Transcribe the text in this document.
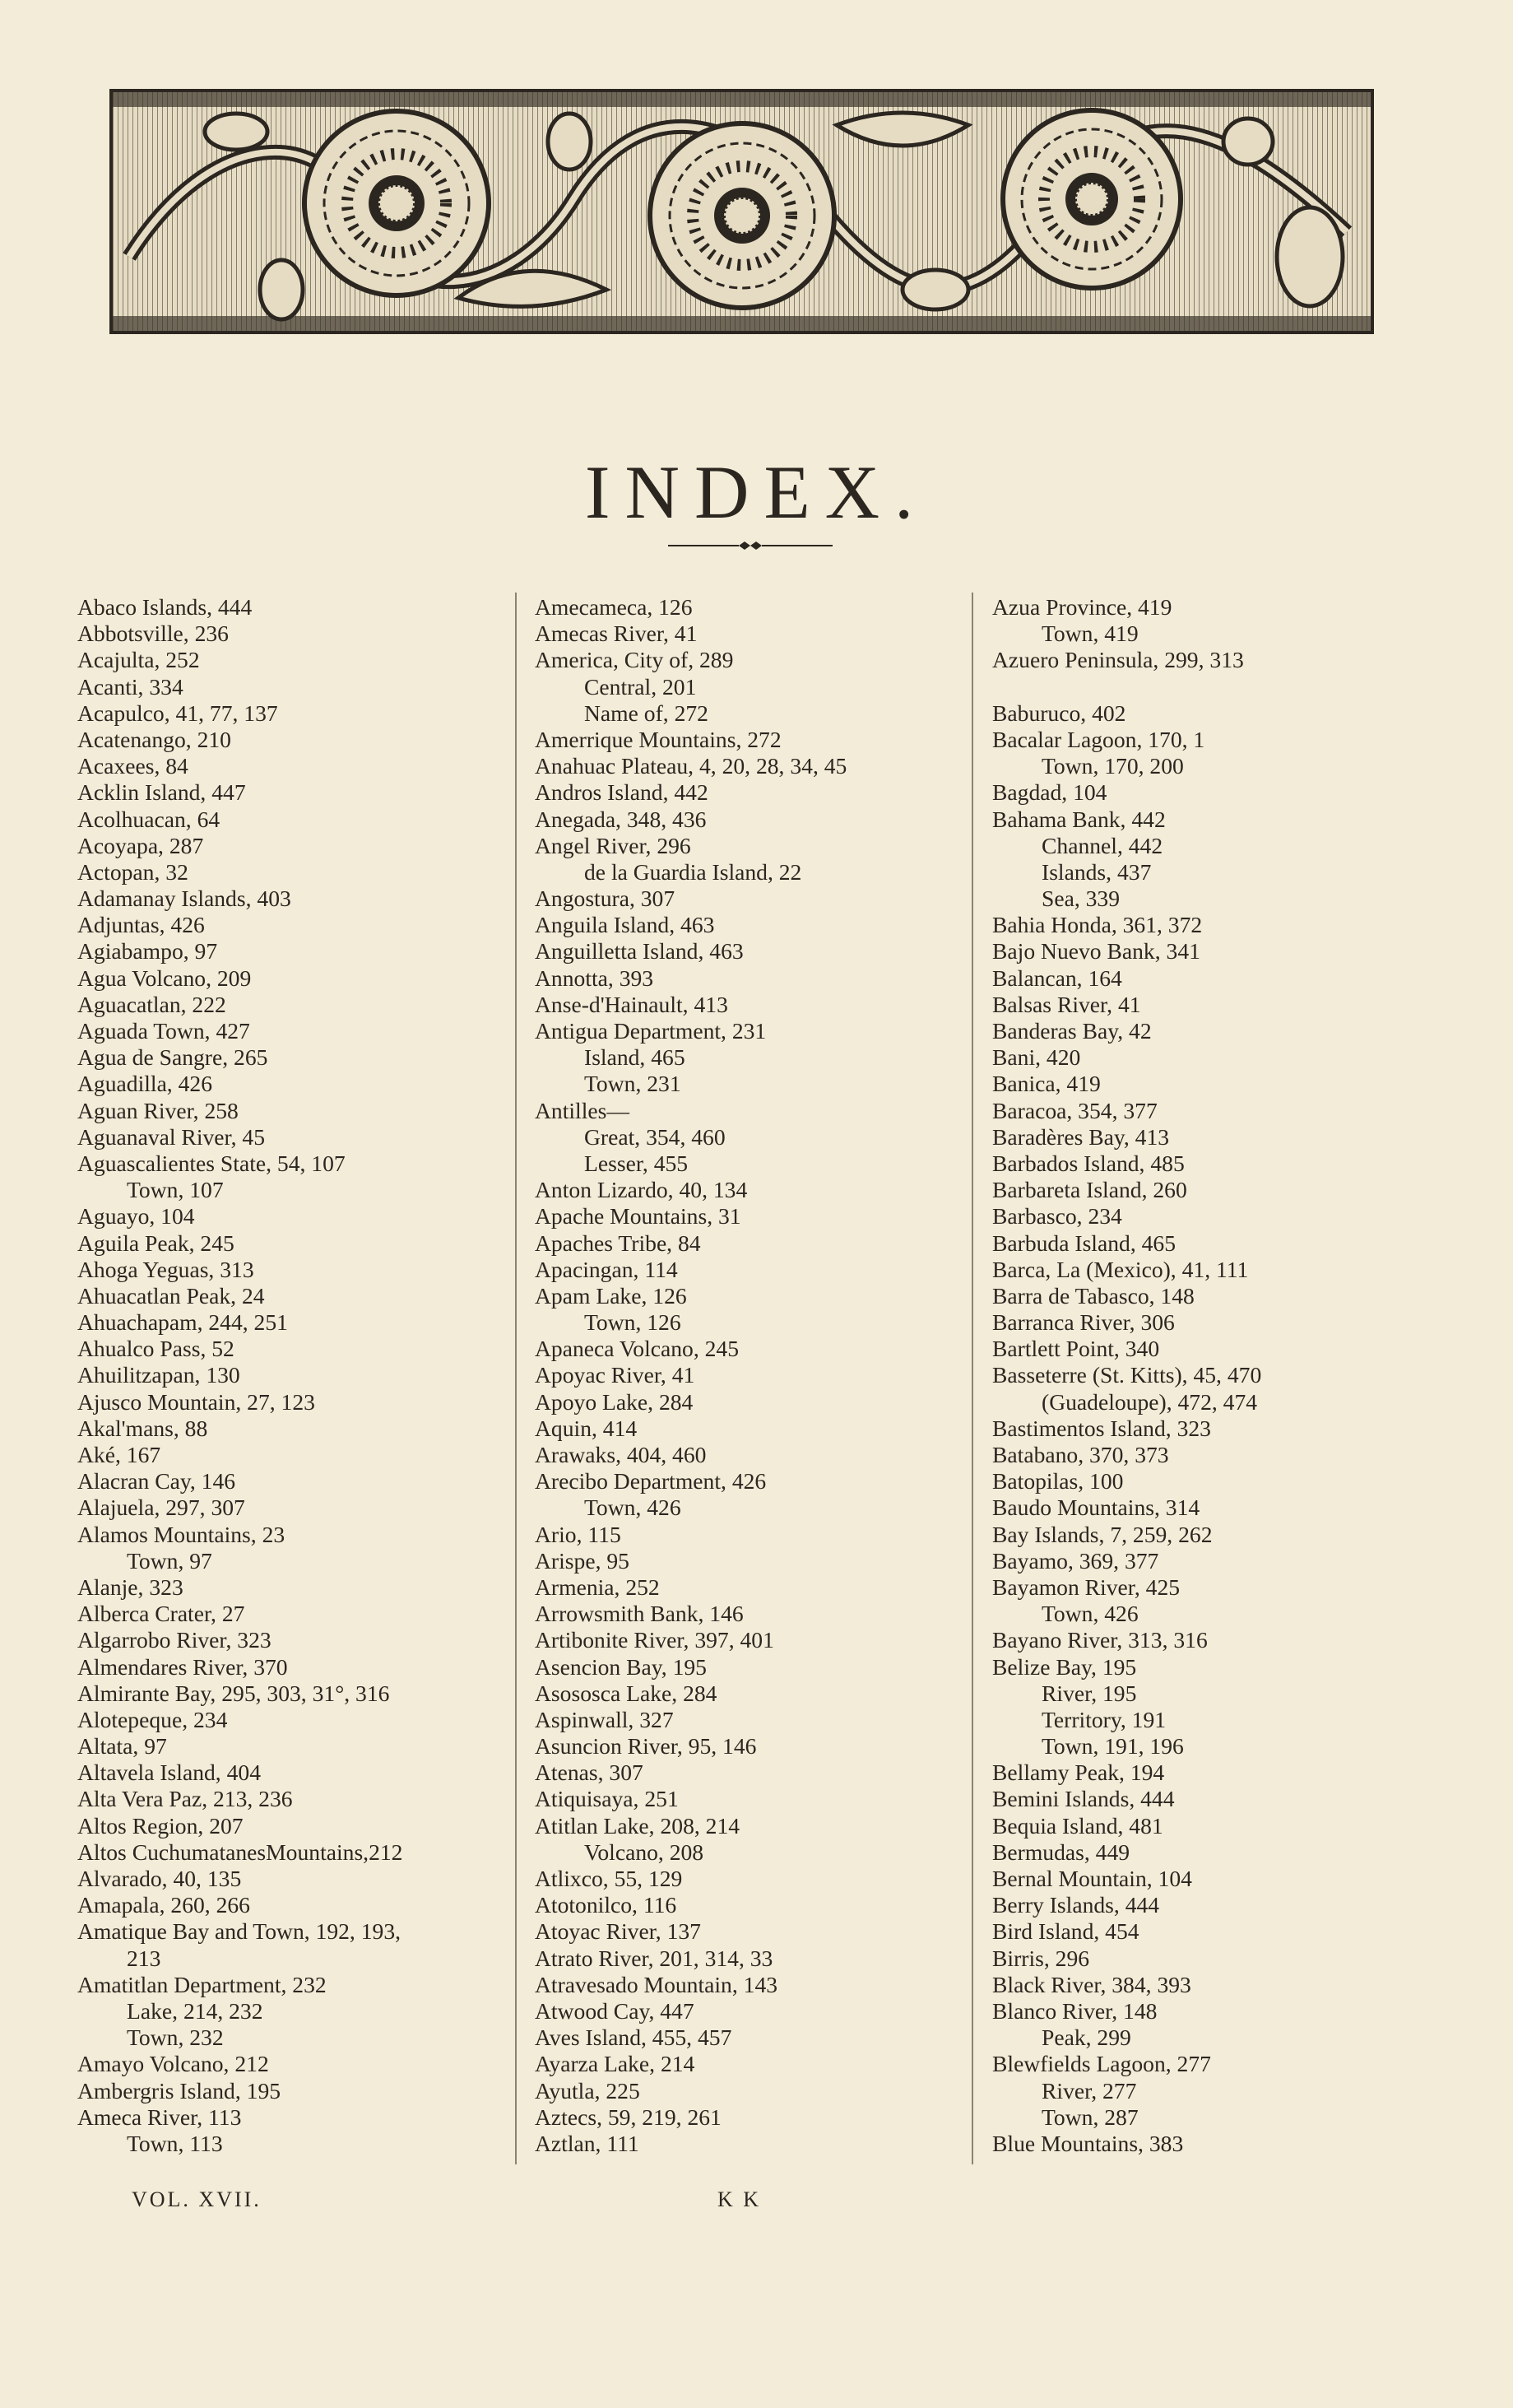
INDEX.
Abaco Islands, 444
Abbotsville, 236
Acajulta, 252
Acanti, 334
Acapulco, 41, 77, 137
Acatenango, 210
Acaxees, 84
Acklin Island, 447
Acolhuacan, 64
Acoyapa, 287
Actopan, 32
Adamanay Islands, 403
Adjuntas, 426
Agiabampo, 97
Agua Volcano, 209
Aguacatlan, 222
Aguada Town, 427
Agua de Sangre, 265
Aguadilla, 426
Aguan River, 258
Aguanaval River, 45
Aguascalientes State, 54, 107
Town, 107
Aguayo, 104
Aguila Peak, 245
Ahoga Yeguas, 313
Ahuacatlan Peak, 24
Ahuachapam, 244, 251
Ahualco Pass, 52
Ahuilitzapan, 130
Ajusco Mountain, 27, 123
Akal'mans, 88
Aké, 167
Alacran Cay, 146
Alajuela, 297, 307
Alamos Mountains, 23
Town, 97
Alanje, 323
Alberca Crater, 27
Algarrobo River, 323
Almendares River, 370
Almirante Bay, 295, 303, 31°, 316
Alotepeque, 234
Altata, 97
Altavela Island, 404
Alta Vera Paz, 213, 236
Altos Region, 207
Altos CuchumatanesMountains,212
Alvarado, 40, 135
Amapala, 260, 266
Amatique Bay and Town, 192, 193,
213
Amatitlan Department, 232
Lake, 214, 232
Town, 232
Amayo Volcano, 212
Ambergris Island, 195
Ameca River, 113
Town, 113
Amecameca, 126
Amecas River, 41
America, City of, 289
Central, 201
Name of, 272
Amerrique Mountains, 272
Anahuac Plateau, 4, 20, 28, 34, 45
Andros Island, 442
Anegada, 348, 436
Angel River, 296
de la Guardia Island, 22
Angostura, 307
Anguila Island, 463
Anguilletta Island, 463
Annotta, 393
Anse-d'Hainault, 413
Antigua Department, 231
Island, 465
Town, 231
Antilles—
Great, 354, 460
Lesser, 455
Anton Lizardo, 40, 134
Apache Mountains, 31
Apaches Tribe, 84
Apacingan, 114
Apam Lake, 126
Town, 126
Apaneca Volcano, 245
Apoyac River, 41
Apoyo Lake, 284
Aquin, 414
Arawaks, 404, 460
Arecibo Department, 426
Town, 426
Ario, 115
Arispe, 95
Armenia, 252
Arrowsmith Bank, 146
Artibonite River, 397, 401
Asencion Bay, 195
Asososca Lake, 284
Aspinwall, 327
Asuncion River, 95, 146
Atenas, 307
Atiquisaya, 251
Atitlan Lake, 208, 214
Volcano, 208
Atlixco, 55, 129
Atotonilco, 116
Atoyac River, 137
Atrato River, 201, 314, 33
Atravesado Mountain, 143
Atwood Cay, 447
Aves Island, 455, 457
Ayarza Lake, 214
Ayutla, 225
Aztecs, 59, 219, 261
Aztlan, 111
Azua Province, 419
Town, 419
Azuero Peninsula, 299, 313
Baburuco, 402
Bacalar Lagoon, 170, 1
Town, 170, 200
Bagdad, 104
Bahama Bank, 442
Channel, 442
Islands, 437
Sea, 339
Bahia Honda, 361, 372
Bajo Nuevo Bank, 341
Balancan, 164
Balsas River, 41
Banderas Bay, 42
Bani, 420
Banica, 419
Baracoa, 354, 377
Baradères Bay, 413
Barbados Island, 485
Barbareta Island, 260
Barbasco, 234
Barbuda Island, 465
Barca, La (Mexico), 41, 111
Barra de Tabasco, 148
Barranca River, 306
Bartlett Point, 340
Basseterre (St. Kitts), 45, 470
(Guadeloupe), 472, 474
Bastimentos Island, 323
Batabano, 370, 373
Batopilas, 100
Baudo Mountains, 314
Bay Islands, 7, 259, 262
Bayamo, 369, 377
Bayamon River, 425
Town, 426
Bayano River, 313, 316
Belize Bay, 195
River, 195
Territory, 191
Town, 191, 196
Bellamy Peak, 194
Bemini Islands, 444
Bequia Island, 481
Bermudas, 449
Bernal Mountain, 104
Berry Islands, 444
Bird Island, 454
Birris, 296
Black River, 384, 393
Blanco River, 148
Peak, 299
Blewfields Lagoon, 277
River, 277
Town, 287
Blue Mountains, 383
VOL. XVII.	K K
